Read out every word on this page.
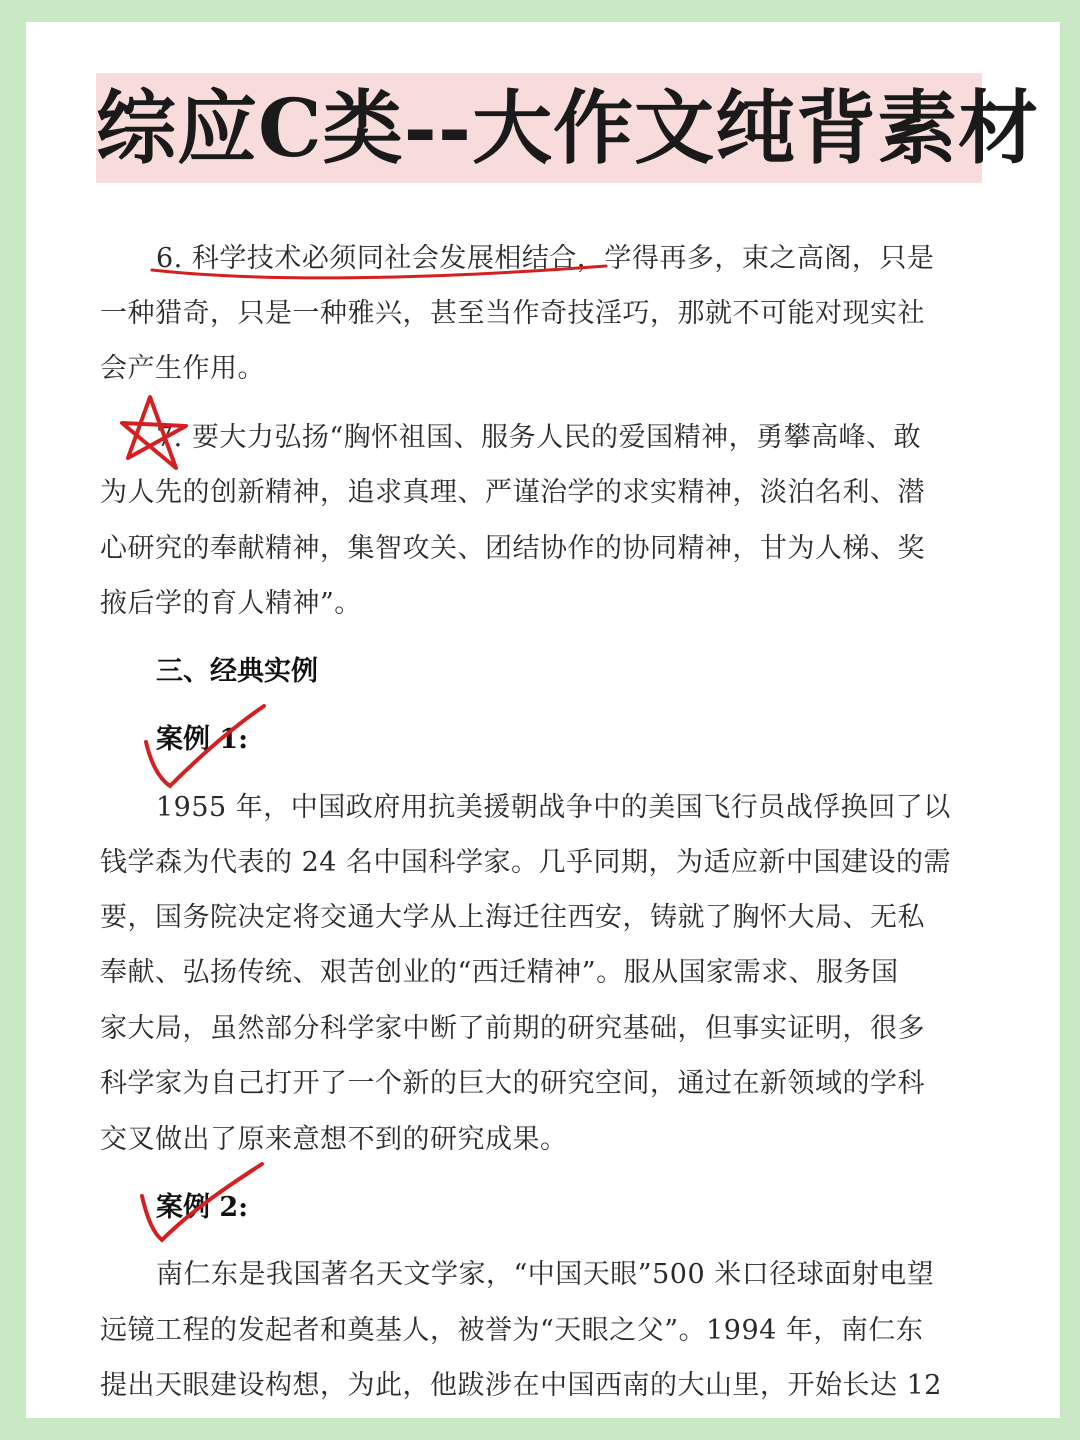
综应C类--大作文纯背素材
6. 科学技术必须同社会发展相结合，学得再多，束之高阁，只是
一种猎奇，只是一种雅兴，甚至当作奇技淫巧，那就不可能对现实社
会产生作用。
7. 要大力弘扬“胸怀祖国、服务人民的爱国精神，勇攀高峰、敢
为人先的创新精神，追求真理、严谨治学的求实精神，淡泊名利、潜
心研究的奉献精神，集智攻关、团结协作的协同精神，甘为人梯、奖
掖后学的育人精神”。
三、经典实例
案例 1:
1955 年，中国政府用抗美援朝战争中的美国飞行员战俘换回了以
钱学森为代表的 24 名中国科学家。几乎同期，为适应新中国建设的需
要，国务院决定将交通大学从上海迁往西安，铸就了胸怀大局、无私
奉献、弘扬传统、艰苦创业的“西迁精神”。服从国家需求、服务国
家大局，虽然部分科学家中断了前期的研究基础，但事实证明，很多
科学家为自己打开了一个新的巨大的研究空间，通过在新领域的学科
交叉做出了原来意想不到的研究成果。
案例 2:
南仁东是我国著名天文学家，“中国天眼”500 米口径球面射电望
远镜工程的发起者和奠基人，被誉为“天眼之父”。1994 年，南仁东
提出天眼建设构想，为此，他跋涉在中国西南的大山里，开始长达 12
